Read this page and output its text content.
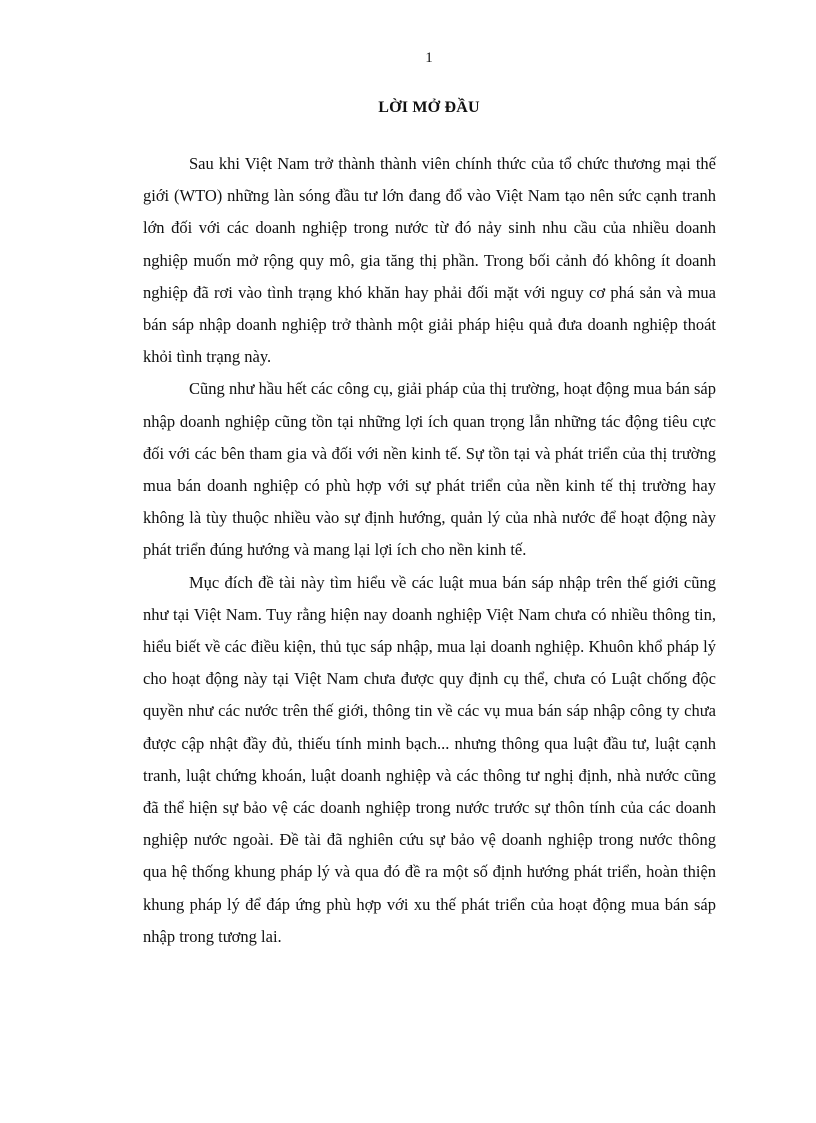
1
LỜI MỞ ĐẦU

Sau khi Việt Nam trở thành thành viên chính thức của tổ chức thương mại thế giới (WTO) những làn sóng đầu tư lớn đang đổ vào Việt Nam tạo nên sức cạnh tranh lớn đối với các doanh nghiệp trong nước từ đó nảy sinh nhu cầu của nhiều doanh nghiệp muốn mở rộng quy mô, gia tăng thị phần. Trong bối cảnh đó không ít doanh nghiệp đã rơi vào tình trạng khó khăn hay phải đối mặt với nguy cơ phá sản và mua bán sáp nhập doanh nghiệp trở thành một giải pháp hiệu quả đưa doanh nghiệp thoát khỏi tình trạng này.

Cũng như hầu hết các công cụ, giải pháp của thị trường, hoạt động mua bán sáp nhập doanh nghiệp cũng tồn tại những lợi ích quan trọng lẫn những tác động tiêu cực đối với các bên tham gia và đối với nền kinh tế. Sự tồn tại và phát triển của thị trường mua bán doanh nghiệp có phù hợp với sự phát triển của nền kinh tế thị trường hay không là tùy thuộc nhiều vào sự định hướng, quản lý của nhà nước để hoạt động này phát triển đúng hướng và mang lại lợi ích cho nền kinh tế.

Mục đích đề tài này tìm hiểu về các luật mua bán sáp nhập trên thế giới cũng như tại Việt Nam. Tuy rằng hiện nay doanh nghiệp Việt Nam chưa có nhiều thông tin, hiểu biết về các điều kiện, thủ tục sáp nhập, mua lại doanh nghiệp. Khuôn khổ pháp lý cho hoạt động này tại Việt Nam chưa được quy định cụ thể, chưa có Luật chống độc quyền như các nước trên thế giới, thông tin về các vụ mua bán sáp nhập công ty chưa được cập nhật đầy đủ, thiếu tính minh bạch... nhưng thông qua luật đầu tư, luật cạnh tranh, luật chứng khoán, luật doanh nghiệp và các thông tư nghị định, nhà nước cũng đã thể hiện sự bảo vệ các doanh nghiệp trong nước trước sự thôn tính của các doanh nghiệp nước ngoài. Đề tài đã nghiên cứu sự bảo vệ doanh nghiệp trong nước thông qua hệ thống khung pháp lý và qua đó đề ra một số định hướng phát triển, hoàn thiện khung pháp lý để đáp ứng phù hợp với xu thế phát triển của hoạt động mua bán sáp nhập trong tương lai.
